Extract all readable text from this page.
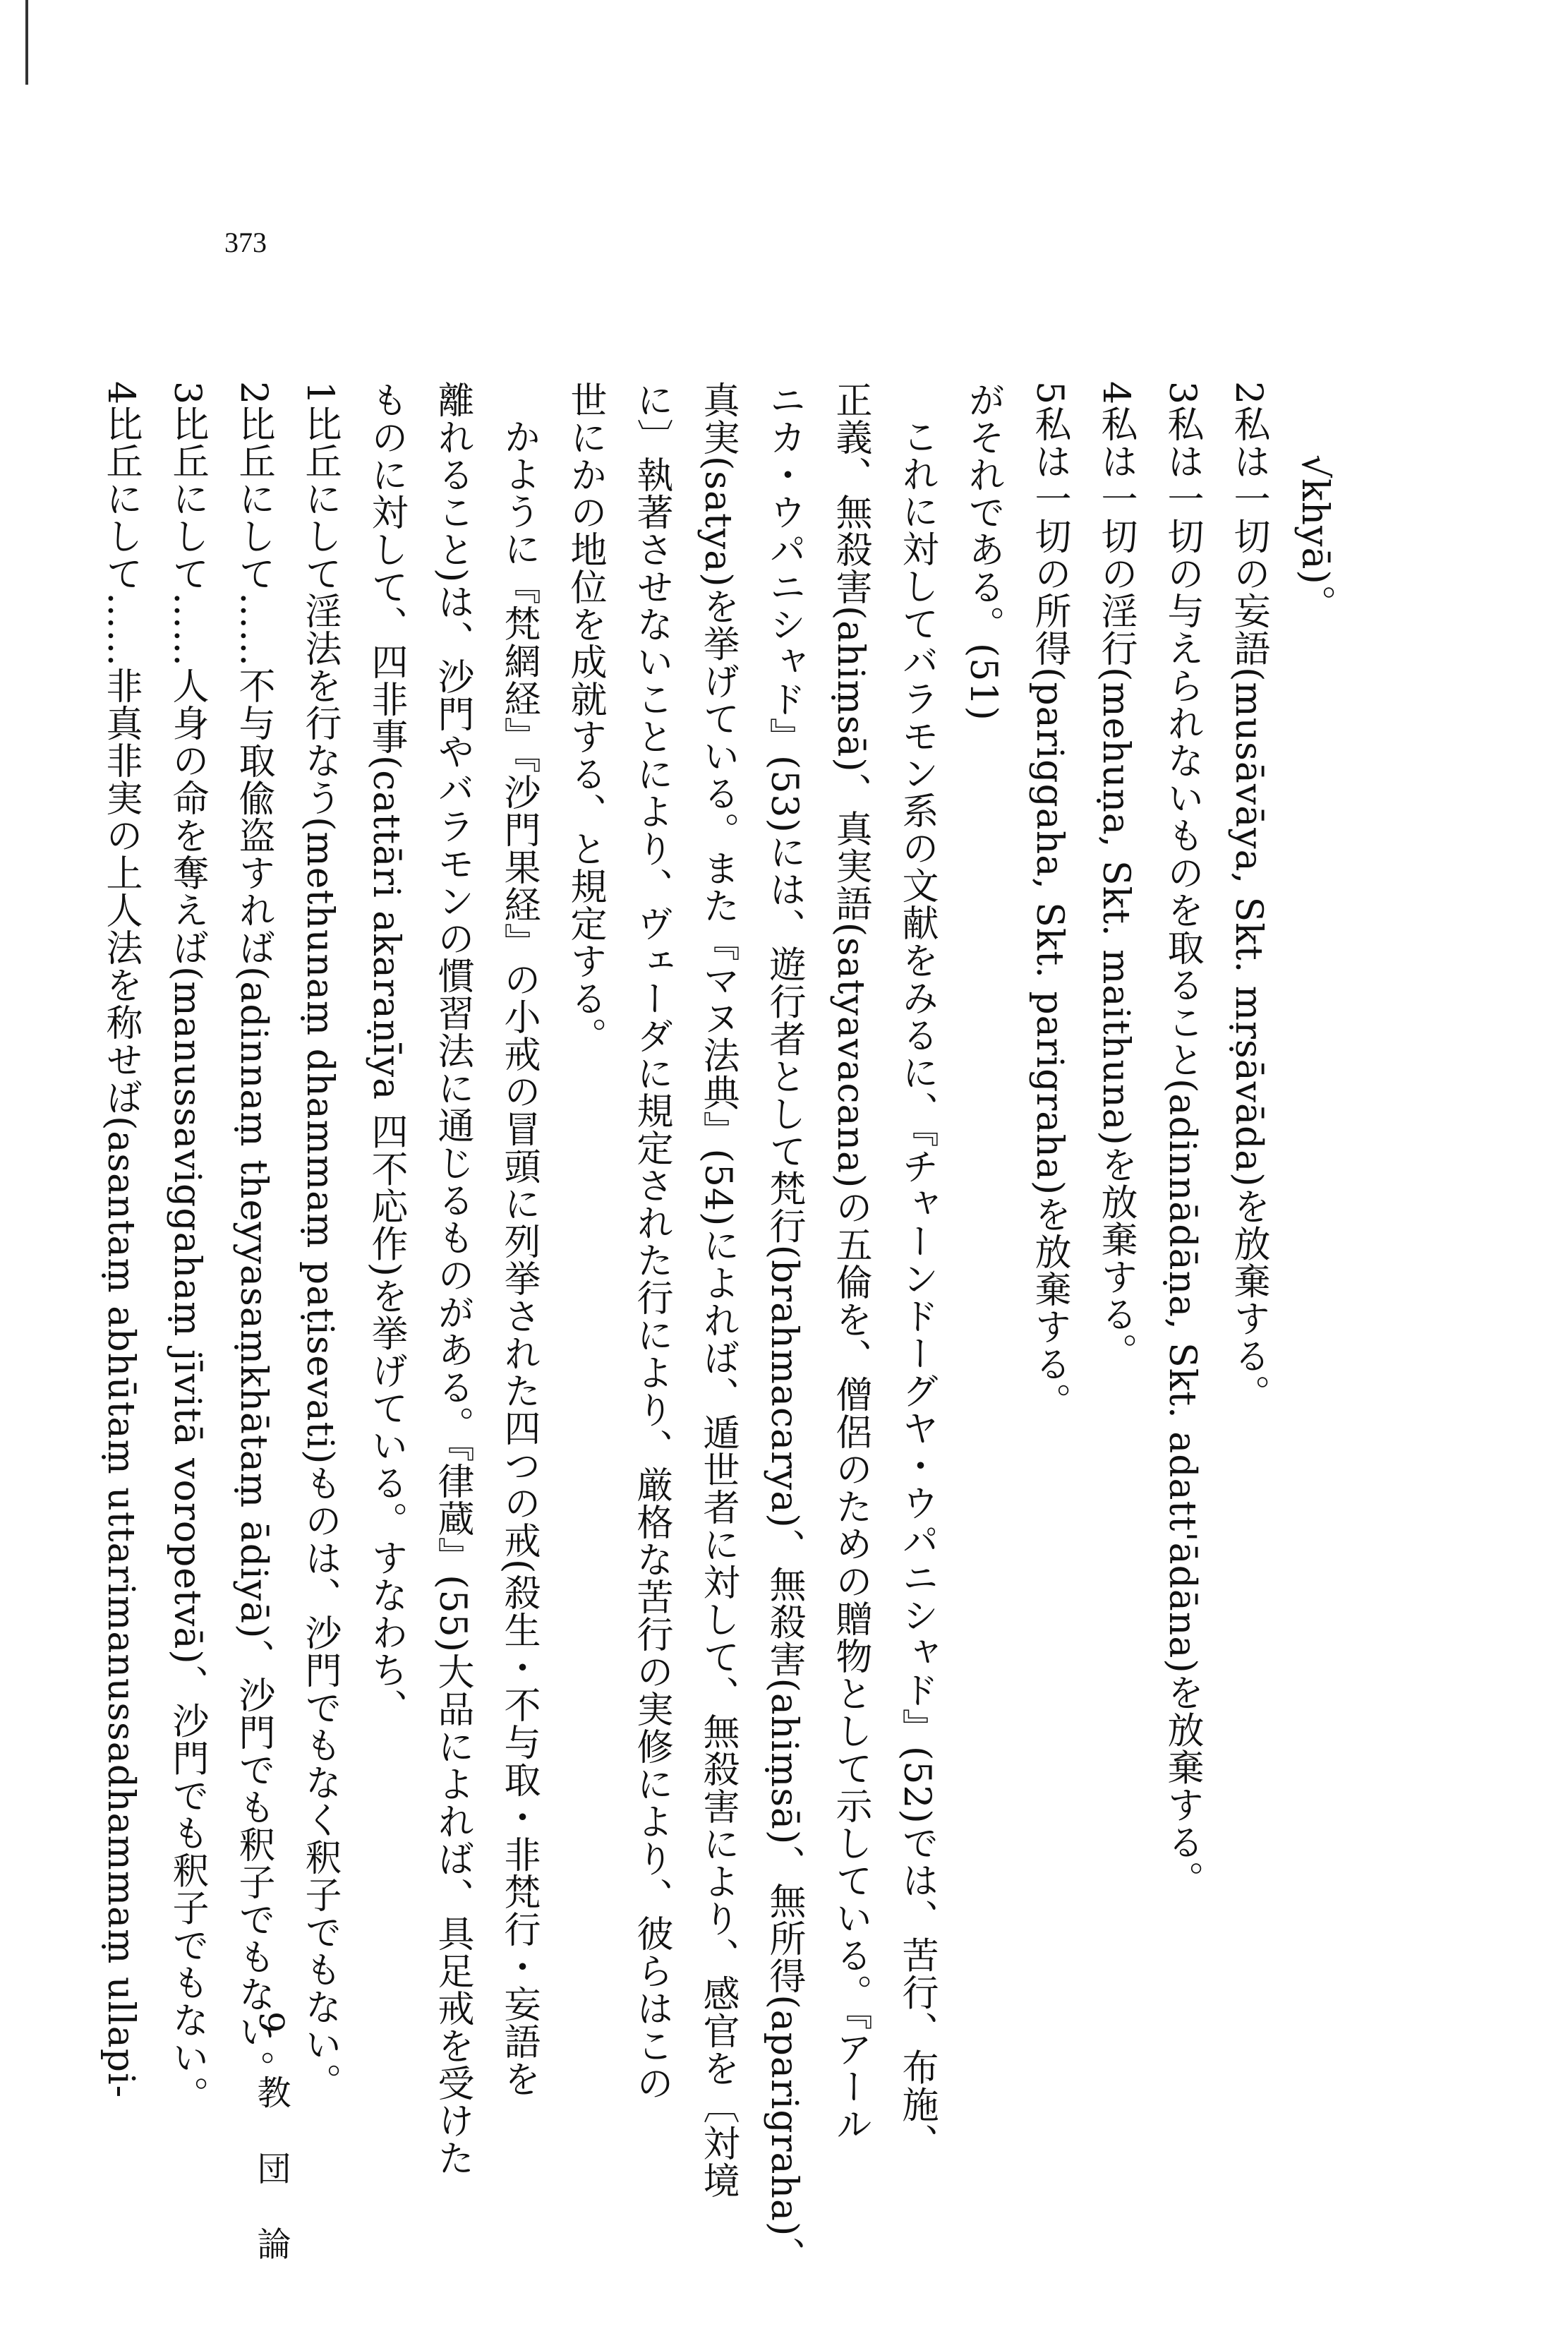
373
√khyā)。
2私は一切の妄語(musāvāya, Skt. mṛṣāvāda)を放棄する。
3私は一切の与えられないものを取ること(adinnādāṇa, Skt. adatt'ādāna)を放棄する。
4私は一切の淫行(mehuṇa, Skt. maithuna)を放棄する。
5私は一切の所得(pariggaha, Skt. parigraha)を放棄する。
がそれである。(51)
これに対してバラモン系の文献をみるに、『チャーンドーグヤ・ウパニシャド』(52)では、苦行、布施、
正義、無殺害(ahiṃsā)、真実語(satyavacana)の五倫を、僧侶のための贈物として示している。『アール
ニカ・ウパニシャド』(53)には、遊行者として梵行(brahmacarya)、無殺害(ahiṃsā)、無所得(aparigraha)、
真実(satya)を挙げている。また『マヌ法典』(54)によれば、遁世者に対して、無殺害により、感官を〔対境
に〕執著させないことにより、ヴェーダに規定された行により、厳格な苦行の実修により、彼らはこの
世にかの地位を成就する、と規定する。
かように『梵網経』『沙門果経』の小戒の冒頭に列挙された四つの戒(殺生・不与取・非梵行・妄語を
離れること)は、沙門やバラモンの慣習法に通じるものがある。『律蔵』(55)大品によれば、具足戒を受けた
ものに対して、四非事(cattāri akaraṇīya 四不応作)を挙げている。すなわち、
1比丘にして淫法を行なう(methunaṃ dhammaṃ paṭisevati)ものは、沙門でもなく釈子でもない。
2比丘にして……不与取偸盗すれば(adinnaṃ theyyasaṃkhātaṃ ādiyā)、沙門でも釈子でもない。
3比丘にして……人身の命を奪えば(manussaviggahaṃ jīvitā voropetvā)、沙門でも釈子でもない。
4比丘にして……非真非実の上人法を称せば(asantaṃ abhūtaṃ uttarimanussadhammaṃ ullapi-
9 教 団 論
